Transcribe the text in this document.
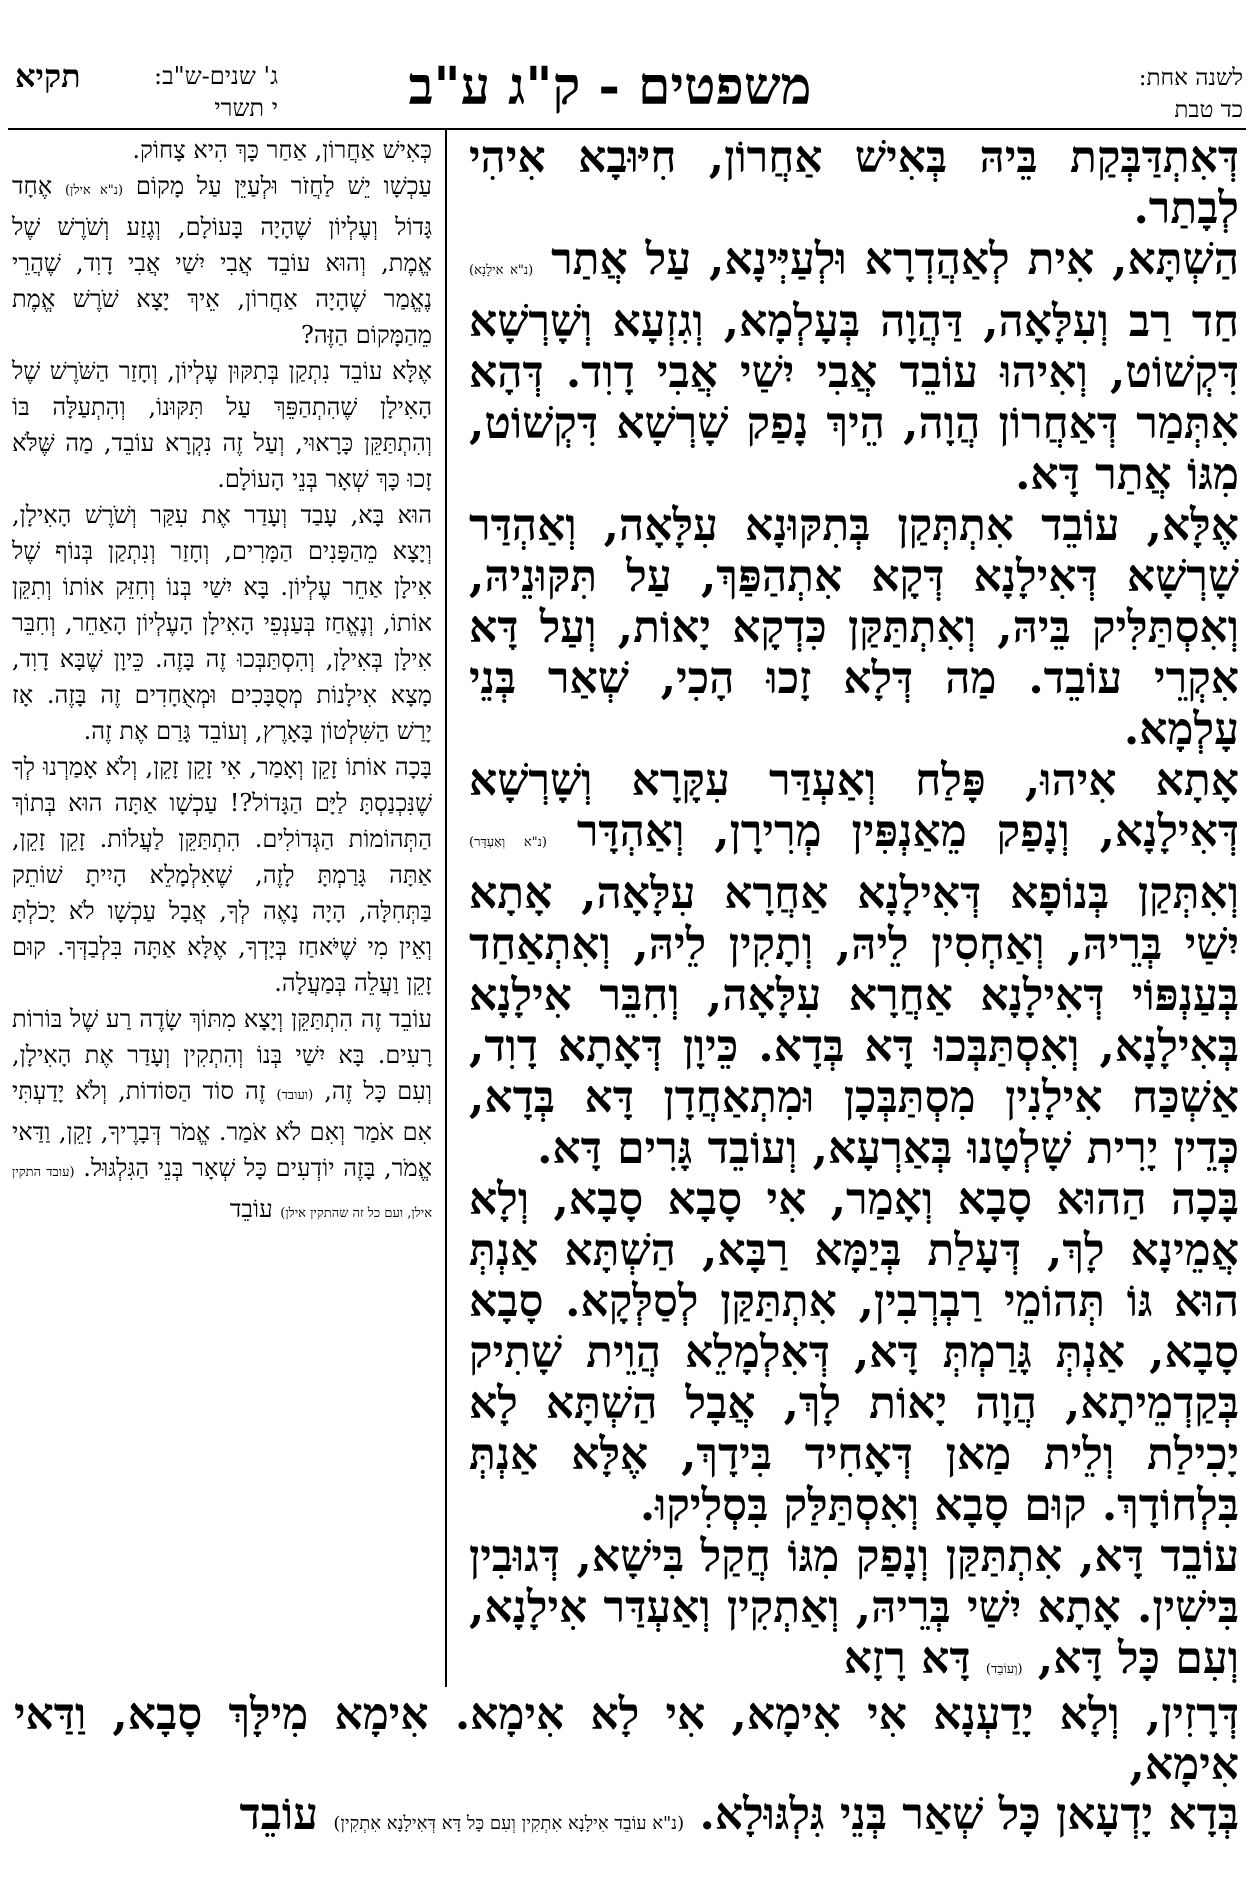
לשנה אחת:
כד טבת
משפטים - ק"ג ע"ב
ג' שנים-ש"ב:
י תשרי
תקיא

דְּאִתְדַּבְּקַת בֵּיהּ בְּאִישׁ אַחֲרוֹן, חִיּוּבָא אִיהִי לְבָתַר.

הַשְׁתָּא, אִית לְאַהֲדְרָא וּלְעַיְּינָא, עַל אֲתַר (נ"א אילָנָא) חַד רַב וְעִלָּאָה, דַּהֲוָה בְּעָלְמָא, וְגִזְעָא וְשָׁרְשָׁא דִּקְשׁוֹט, וְאִיהוּ עוֹבֵד אֲבִי יִשַׁי אֲבִי דָוִד. דְּהָא אִתְּמַר דְּאַחֲרוֹן הֲוָה, הֵיךְ נָפַק שָׁרְשָׁא דִּקְשׁוֹט, מִגּוֹ אֲתַר דָּא.

אֶלָּא, עוֹבֵד אִתְתְּקַן בְּתִקּוּנָא עִלָּאָה, וְאַהְדַּר שָׁרְשָׁא דְּאִילָנָא דְּקָא אִתְהַפַּךְ, עַל תִּקּוּנֵיהּ, וְאִסְתַּלִּיק בֵּיהּ, וְאִתְתַּקַּן כִּדְקָא יָאוֹת, וְעַל דָּא אִקְרֵי עוֹבֵד. מַה דְּלָא זָכוּ הָכִי, שְׁאַר בְּנֵי עָלְמָא.

אָתָא אִיהוּ, פָּלַח וְאַעְדַּר עִקָּרָא וְשָׁרְשָׁא דְּאִילָנָא, וְנָפַק מֵאַנְפִּין מְרִירָן, וְאַהְדָּר (נ"א וְאַעְדַּר) וְאִתְּקַן בְּנוֹפָא דְּאִילָנָא אַחֲרָא עִלָּאָה, אָתָא יִשַׁי בְּרֵיהּ, וְאַחְסִין לֵיהּ, וְתָקִין לֵיהּ, וְאִתְאַחַד בְּעַנְפּוֹי דְּאִילָנָא אַחֲרָא עִלָּאָה, וְחִבֵּר אִילָנָא בְּאִילָנָא, וְאִסְתַּבְּכוּ דָּא בְּדָא. כֵּיוָן דְּאָתָא דָוִד, אַשְׁכַּח אִילָנִין מִסְתַּבְּכָן וּמִתְאַחֲדָן דָּא בְּדָא, כְּדֵין יָרִית שָׁלְטָנוּ בְּאַרְעָא, וְעוֹבֵד גָּרִים דָּא.

בָּכָה הַהוּא סָבָא וְאָמַר, אִי סָבָא סָבָא, וְלָא אֲמֵינָא לָךְ, דְּעָלַת בְּיַמָּא רַבָּא, הַשְׁתָּא אַנְתְּ הוּא גּוֹ תְּהוֹמֵי רַבְרְבִין, אִתְתַּקַּן לְסַלְּקָא. סָבָא סָבָא, אַנְתְּ גָּרַמְתְּ דָּא, דְּאִלְמָלֵא הֲוֵית שָׁתִיק בְּקַדְמֵיתָא, הֲוָה יָאוֹת לָךְ, אֲבָל הַשְׁתָּא לָא יָכִילַת וְלֵית מַאן דְּאָחִיד בִּידָךְ, אֶלָּא אַנְתְּ בִּלְחוֹדָךְ. קוּם סָבָא וְאִסְתַּלַּק בִּסְלִיקוּ.

עוֹבֵד דָּא, אִתְתַּקַּן וְנָפַק מִגּוֹ חֲקַל בִּישָׁא, דְּגוּבִין בִּישִׁין. אָתָא יִשַׁי בְּרֵיהּ, וְאַתְקִין וְאַעְדַּר אִילָנָא, וְעִם כָּל דָּא, (וְעוֹבֵד) דָּא רָזָא

כְּאִישׁ אַחֲרוֹן, אַחַר כָּךְ הִיא צָחוֹק.

עַכְשָׁו יֵשׁ לַחֲזֹר וּלְעַיֵּן עַל מָקוֹם (נ"א אילן) אֶחָד גָּדוֹל וְעֶלְיוֹן שֶׁהָיָה בָּעוֹלָם, וְגֶזַע וְשֹׁרֶשׁ שֶׁל אֱמֶת, וְהוּא עוֹבֵד אֲבִי יִשַׁי אֲבִי דָוִד, שֶׁהֲרֵי נֶאֱמַר שֶׁהָיָה אַחֲרוֹן, אֵיךְ יָצָא שֹׁרֶשׁ אֱמֶת מֵהַמָּקוֹם הַזֶּה?

אֶלָּא עוֹבֵד נִתְקַן בְּתִקּוּן עֶלְיוֹן, וְחָזַר הַשֹּׁרֶשׁ שֶׁל הָאִילָן שֶׁהִתְהַפֵּךְ עַל תִּקּוּנוֹ, וְהִתְעַלָּה בּוֹ וְהִתְתַּקֵּן כָּרָאוּי, וְעַל זֶה נִקְרָא עוֹבֵד, מַה שֶּׁלֹּא זָכוּ כָּךְ שְׁאָר בְּנֵי הָעוֹלָם.

הוּא בָּא, עָבַד וְעָדַר אֶת עִקַּר וְשֹׁרֶשׁ הָאִילָן, וְיָצָא מֵהַפָּנִים הַמָּרִים, וְחָזַר וְנִתְקַן בְּנוֹף שֶׁל אִילָן אַחֵר עֶלְיוֹן. בָּא יִשַׁי בְּנוֹ וְחִזֵּק אוֹתוֹ וְתִקֵּן אוֹתוֹ, וְנֶאֱחַז בְּעַנְפֵי הָאִילָן הָעֶלְיוֹן הָאַחֵר, וְחִבֵּר אִילָן בְּאִילָן, וְהִסְתַּבְּכוּ זֶה בָּזֶה. כֵּיוָן שֶׁבָּא דָוִד, מָצָא אִילָנוֹת מְסֻבָּכִים וּמְאֻחָדִים זֶה בָּזֶה. אָז יָרַשׁ הַשִּׁלְטוֹן בָּאָרֶץ, וְעוֹבֵד גָּרַם אֶת זֶה.

בָּכָה אוֹתוֹ זָקֵן וְאָמַר, אִי זָקֵן זָקֵן, וְלֹא אָמַרְנוּ לְךָ שֶׁנִּכְנַסְתָּ לַיָּם הַגָּדוֹל?! עַכְשָׁו אַתָּה הוּא בְּתוֹךְ הַתְּהוֹמוֹת הַגְּדוֹלִים. הִתְתַּקֵּן לַעֲלוֹת. זָקֵן זָקֵן, אַתָּה גָּרַמְתָּ לָזֶה, שֶׁאִלְמָלֵא הָיִיתָ שׁוֹתֵק בַּתְּחִלָּה, הָיָה נָאֶה לְךָ, אֲבָל עַכְשָׁו לֹא יָכֹלְתָּ וְאֵין מִי שֶׁיֹּאחַז בְּיָדְךָ, אֶלָּא אַתָּה בִּלְבַדְּךָ. קוּם זָקֵן וַעֲלֵה בְּמַעֲלָה.

עוֹבֵד זֶה הִתְתַּקֵּן וְיָצָא מִתּוֹךְ שָׂדֶה רַע שֶׁל בּוֹרוֹת רָעִים. בָּא יִשַׁי בְּנוֹ וְהִתְקִין וְעָדַר אֶת הָאִילָן, וְעִם כָּל זֶה, (ועובד) זֶה סוֹד הַסּוֹדוֹת, וְלֹא יָדַעְתִּי אִם אֹמַר וְאִם לֹא אֹמַר. אֱמֹר דְּבָרֶיךָ, זָקֵן, וַדַּאי אֱמֹר, בָּזֶה יוֹדְעִים כָּל שְׁאָר בְּנֵי הַגִּלְגּוּל. (עובד התקין אילן, ועם כל זה שהתקין אילן) עוֹבֵד

דְּרָזִין, וְלָא יָדַעְנָא אִי אִימָא, אִי לָא אִימָא. אִימָא מִילָּךְ סָבָא, וַדַּאי אִימָא,

בְּדָא יָדְעָאן כָּל שְׁאַר בְּנֵי גִּלְגּוּלָא. (נ"א עוֹבֵד אִילָנָא אִתְקִין וְעִם כָּל דָּא דְּאִילָנָא אִתְקִין) עוֹבֵד
